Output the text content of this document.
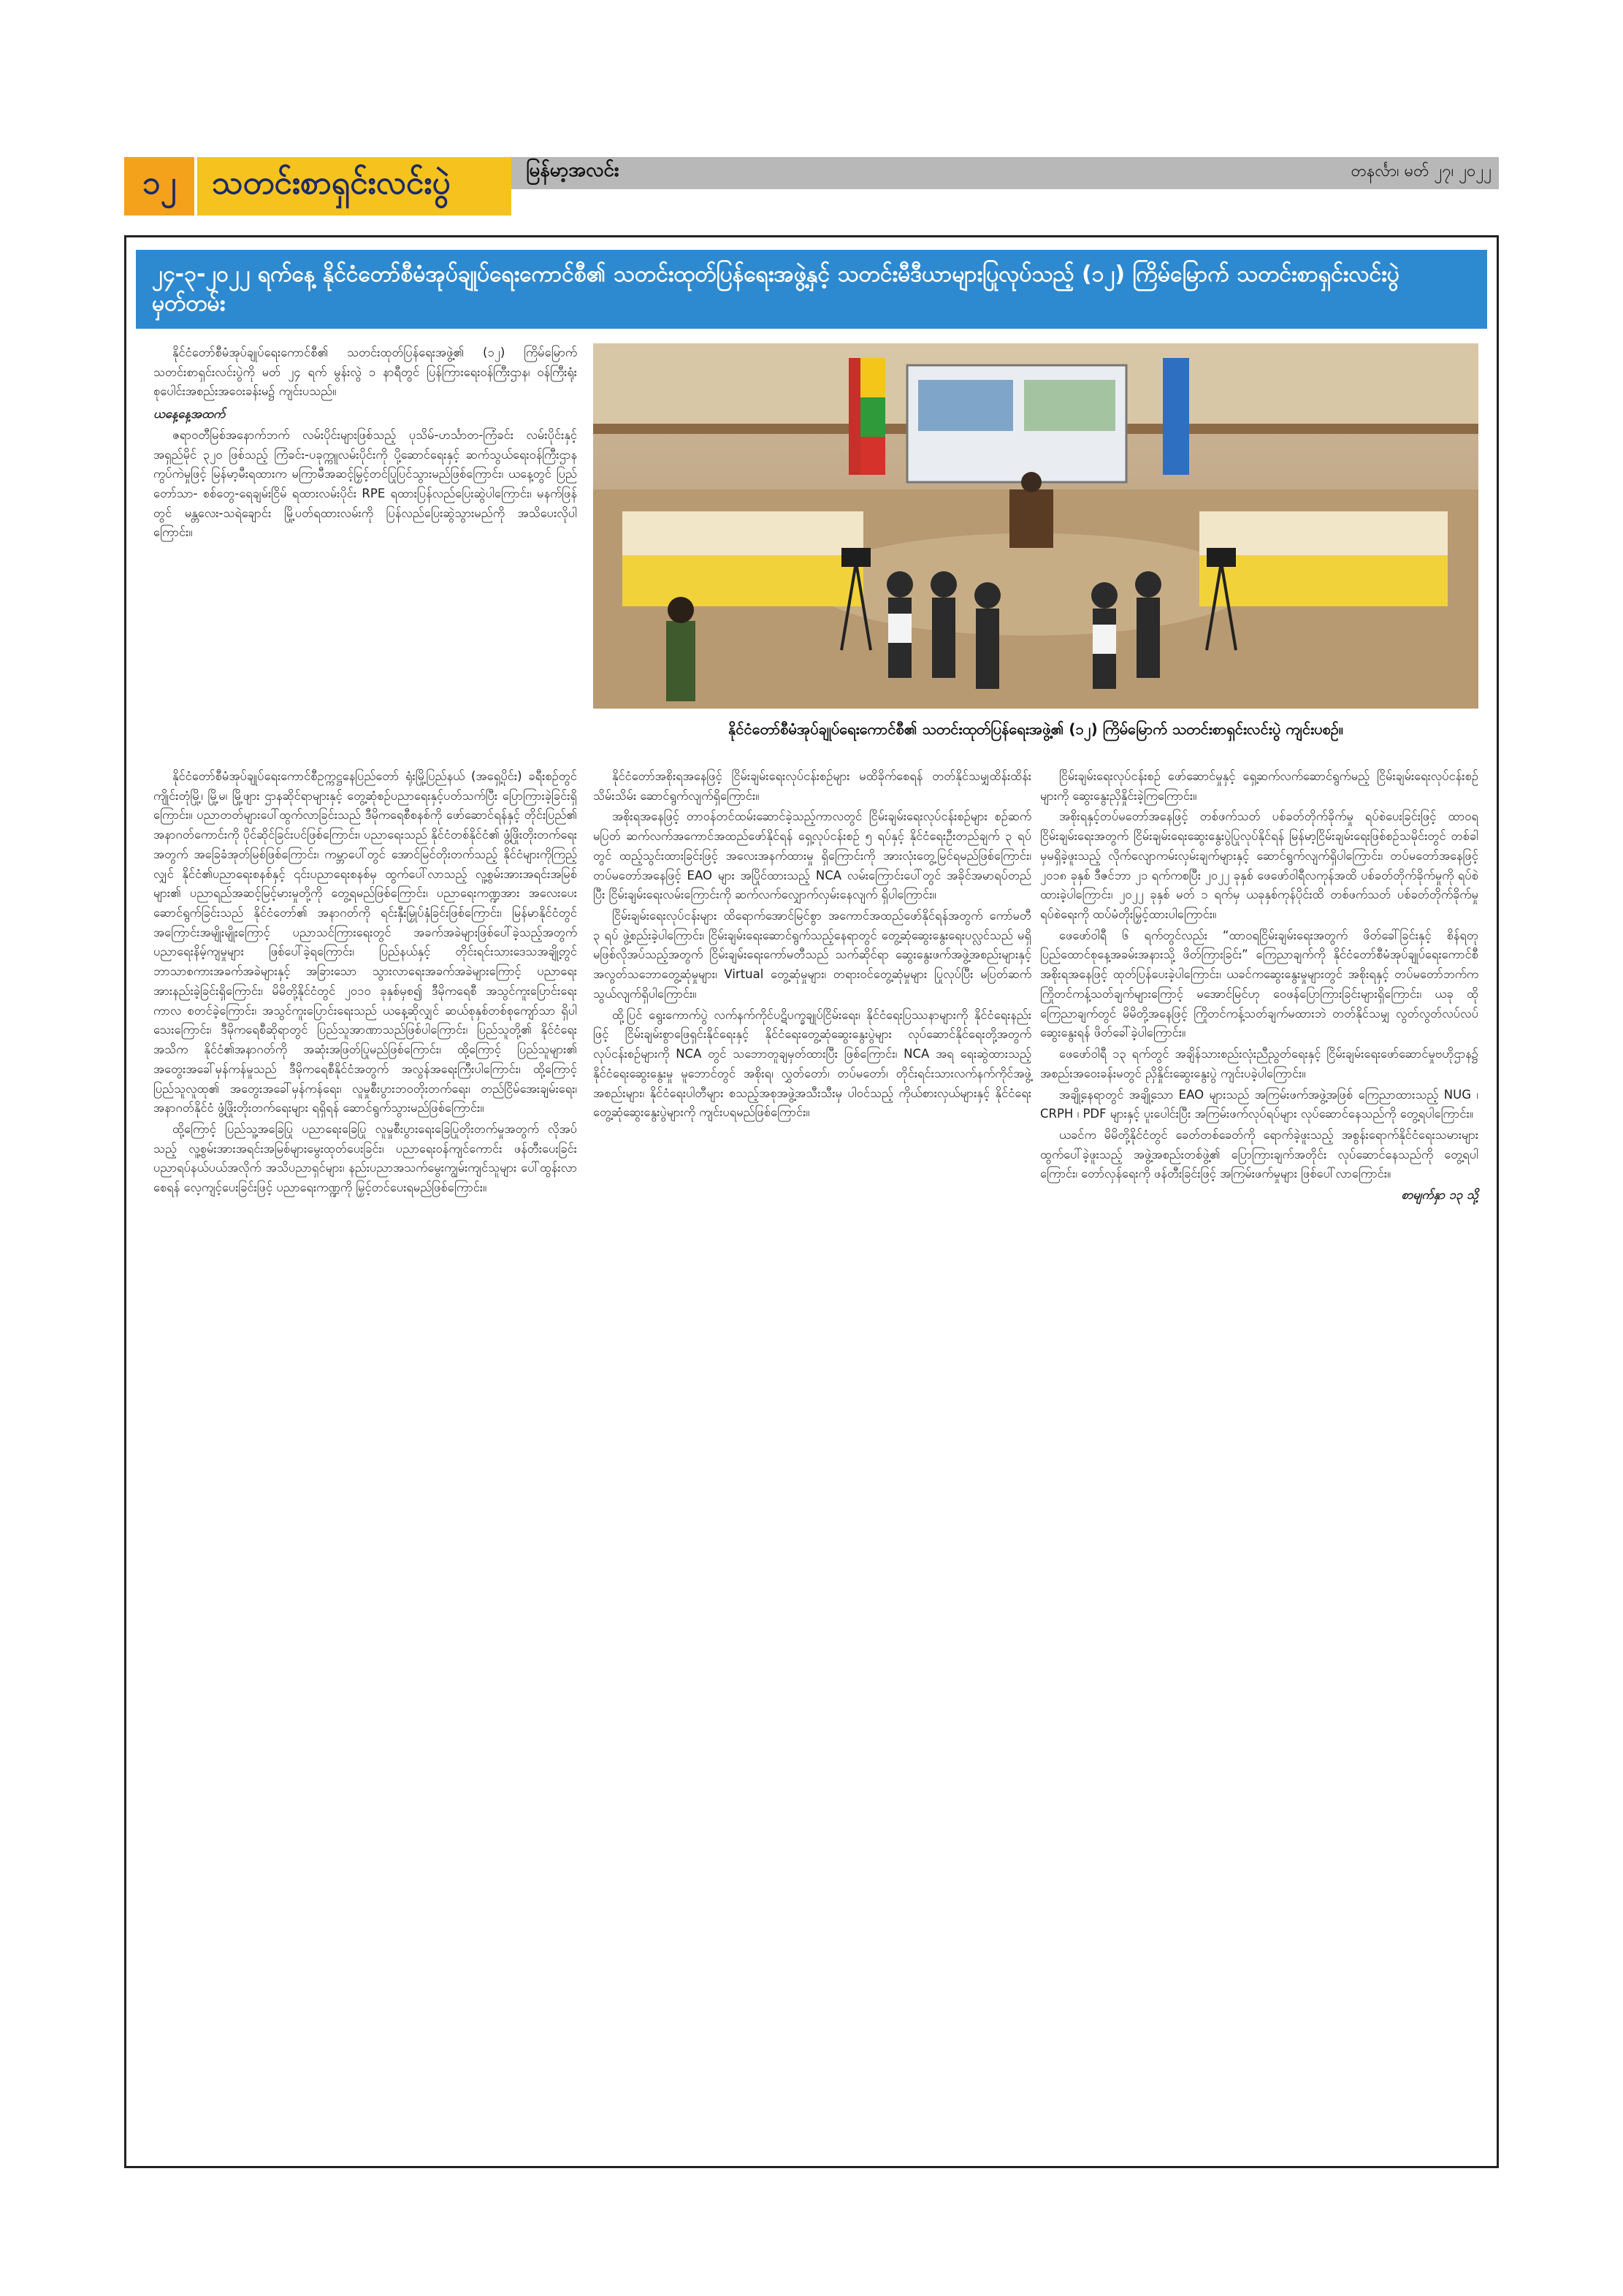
၁၂	သတင်းစာရှင်းလင်းပွဲ	မြန်မာ့အလင်း	တနင်္လာ၊ မတ် ၂၇၊ ၂၀၂၂
၂၄-၃-၂၀၂၂ ရက်နေ့ နိုင်ငံတော်စီမံအုပ်ချုပ်ရေးကောင်စီ၏ သတင်းထုတ်ပြန်ရေးအဖွဲ့နှင့် သတင်းမီဒီယာများပြုလုပ်သည့် (၁၂) ကြိမ်မြောက် သတင်းစာရှင်းလင်းပွဲမှတ်တမ်း

နိုင်ငံတော်စီမံအုပ်ချုပ်ရေးကောင်စီ၏ သတင်းထုတ်ပြန်ရေးအဖွဲ့၏ (၁၂) ကြိမ်မြောက် သတင်းစာရှင်းလင်းပွဲကို မတ် ၂၄ ရက် မွန်းလွဲ ၁ နာရီတွင် ပြန်ကြားရေးဝန်ကြီးဌာန၊ ဝန်ကြီးရုံး စုပေါင်းအစည်းအဝေးခန်းမ၌ ကျင်းပသည်။

ယနေ့နေ့အထက်

ဇရာဝတီမြစ်အနောက်ဘက် လမ်းပိုင်းများဖြစ်သည့် ပုသိမ်-ဟင်္သာတ-ကြံခင်း လမ်းပိုင်းနှင့် အရှည်မိုင် ၃၂၀ ဖြစ်သည့် ကြံခင်း-ပခုက္ကူလမ်းပိုင်းကို ပို့ဆောင်ရေးနှင့် ဆက်သွယ်ရေးဝန်ကြီးဌာန ကွပ်ကဲမှုဖြင့် မြန်မာ့မီးရထားက မကြာမီအဆင့်မြှင့်တင်ပြုပြင်သွားမည်ဖြစ်ကြောင်း၊ ယနေ့တွင် ပြည်တော်သာ- စစ်တွေ-ရေချမ်းငြိမ် ရထားလမ်းပိုင်း RPE ရထားပြန်လည်ပြေးဆွဲပါကြောင်း၊ မနက်ဖြန်တွင် မန္တလေး-သရဲချောင်း မြို့ပတ်ရထားလမ်းကို ပြန်လည်ပြေးဆွဲသွားမည်ကို အသိပေးလိုပါကြောင်း။

နိုင်ငံတော်စီမံအုပ်ချုပ်ရေးကောင်စီ၏ သတင်းထုတ်ပြန်ရေးအဖွဲ့၏ (၁၂) ကြိမ်မြောက် သတင်းစာရှင်းလင်းပွဲ ကျင်းပစဉ်။

နိုင်ငံတော်စီမံအုပ်ချုပ်ရေးကောင်စီဥက္ကဋ္ဌနေပြည်တော် ရုံးမြို့ပြည်နယ် (အရှေ့ပိုင်း) ခရီးစဉ်တွင် ကျိုင်းတုံမြို့၊ မြို့မ၊ မြို့ဖျား ဌာနဆိုင်ရာများနှင့် တွေ့ဆုံစဉ်ပညာရေးနှင့်ပတ်သက်ပြီး ပြောကြားခဲ့ခြင်းရှိကြောင်း။ ပညာတတ်များပေါ်ထွက်လာခြင်းသည် ဒီမိုကရေစီစနစ်ကို ဖော်ဆောင်ရန်နှင့် တိုင်းပြည်၏ အနာဂတ်ကောင်းကို ပိုင်ဆိုင်ခြင်းပင်ဖြစ်ကြောင်း၊ ပညာရေးသည် နိုင်ငံတစ်နိုင်ငံ၏ ဖွံ့ဖြိုးတိုးတက်ရေးအတွက် အခြေခံအုတ်မြစ်ဖြစ်ကြောင်း၊ ကမ္ဘာပေါ်တွင် အောင်မြင်တိုးတက်သည့် နိုင်ငံများကိုကြည့်လျှင် နိုင်ငံ၏ပညာရေးစနစ်နှင့် ၎င်းပညာရေးစနစ်မှ ထွက်ပေါ်လာသည့် လူ့စွမ်းအားအရင်းအမြစ်များ၏ ပညာရည်အဆင့်မြင့်မားမှုတို့ကို တွေ့ရမည်ဖြစ်ကြောင်း၊ ပညာရေးကဏ္ဍအား အလေးပေးဆောင်ရွက်ခြင်းသည် နိုင်ငံတော်၏ အနာဂတ်ကို ရင်းနှီးမြှုပ်နှံခြင်းဖြစ်ကြောင်း၊ မြန်မာနိုင်ငံတွင် အကြောင်းအမျိုးမျိုးကြောင့် ပညာသင်ကြားရေးတွင် အခက်အခဲများဖြစ်ပေါ်ခဲ့သည့်အတွက် ပညာရေးနိမ့်ကျမှုများ ဖြစ်ပေါ်ခဲ့ရကြောင်း၊ ပြည်နယ်နှင့် တိုင်းရင်းသားဒေသအချို့တွင် ဘာသာစကားအခက်အခဲများနှင့် အခြားသော သွားလာရေးအခက်အခဲများကြောင့် ပညာရေးအားနည်းခဲ့ခြင်းရှိကြောင်း၊ မိမိတို့နိုင်ငံတွင် ၂၀၁၀ ခုနှစ်မှစ၍ ဒီမိုကရေစီ အသွင်ကူးပြောင်းရေးကာလ စတင်ခဲ့ကြောင်း၊ အသွင်ကူးပြောင်းရေးသည် ယနေ့ဆိုလျှင် ဆယ်စုနှစ်တစ်စုကျော်သာ ရှိပါသေးကြောင်း၊ ဒီမိုကရေစီဆိုရာတွင် ပြည်သူအာဏာသည်ဖြစ်ပါကြောင်း၊ ပြည်သူတို့၏ နိုင်ငံရေးအသိက နိုင်ငံ၏အနာဂတ်ကို အဆုံးအဖြတ်ပြုမည်ဖြစ်ကြောင်း၊ ထို့ကြောင့် ပြည်သူများ၏ အတွေးအခေါ်မှန်ကန်မှုသည် ဒီမိုကရေစီနိုင်ငံအတွက် အလွန်အရေးကြီးပါကြောင်း၊ ထို့ကြောင့် ပြည်သူလူထု၏ အတွေးအခေါ်မှန်ကန်ရေး၊ လူမှုစီးပွားဘဝတိုးတက်ရေး၊ တည်ငြိမ်အေးချမ်းရေး၊ အနာဂတ်နိုင်ငံ ဖွံ့ဖြိုးတိုးတက်ရေးများ ရရှိရန် ဆောင်ရွက်သွားမည်ဖြစ်ကြောင်း။

ထို့ကြောင့် ပြည်သူ့အခြေပြု ပညာရေးခြေပြု လူမှုစီးပွားရေးခြေပြုတိုးတက်မှုအတွက် လိုအပ်သည့် လူ့စွမ်းအားအရင်းအမြစ်များမွေးထုတ်ပေးခြင်း၊ ပညာရေးဝန်ကျင်ကောင်း ဖန်တီးပေးခြင်း ပညာရပ်နယ်ပယ်အလိုက် အသိပညာရှင်များ၊ နည်းပညာအသက်မွေးကျွမ်းကျင်သူများ ပေါ်ထွန်းလာစေရန် လေ့ကျင့်ပေးခြင်းဖြင့် ပညာရေးကဏ္ဍကို မြှင့်တင်ပေးရမည်ဖြစ်ကြောင်း။

နိုင်ငံတော်အစိုးရအနေဖြင့် ငြိမ်းချမ်းရေးလုပ်ငန်းစဉ်များ မထိခိုက်စေရန် တတ်နိုင်သမျှထိန်းထိန်းသိမ်းသိမ်း ဆောင်ရွက်လျက်ရှိကြောင်း။

အစိုးရအနေဖြင့် တာဝန်တင်ထမ်းဆောင်ခဲ့သည့်ကာလတွင် ငြိမ်းချမ်းရေးလုပ်ငန်းစဉ်များ စဉ်ဆက်မပြတ် ဆက်လက်အကောင်အထည်ဖော်နိုင်ရန် ရှေ့လုပ်ငန်းစဉ် ၅ ရပ်နှင့် နိုင်ငံရေးဦးတည်ချက် ၃ ရပ်တွင် ထည့်သွင်းထားခြင်းဖြင့် အလေးအနက်ထားမှု ရှိကြောင်းကို အားလုံးတွေ့မြင်ရမည်ဖြစ်ကြောင်း၊ တပ်မတော်အနေဖြင့် EAO များ အပြိုင်ထားသည့် NCA လမ်းကြောင်းပေါ်တွင် အခိုင်အမာရပ်တည်ပြီး ငြိမ်းချမ်းရေးလမ်းကြောင်းကို ဆက်လက်လျှောက်လှမ်းနေလျက် ရှိပါကြောင်း။

ငြိမ်းချမ်းရေးလုပ်ငန်းများ ထိရောက်အောင်မြင်စွာ အကောင်အထည်ဖော်နိုင်ရန်အတွက် ကော်မတီ ၃ ရပ် ဖွဲ့စည်းခဲ့ပါကြောင်း၊ ငြိမ်းချမ်းရေးဆောင်ရွက်သည့်နေရာတွင် တွေ့ဆုံဆွေးနွေးရေးပလ္လင်သည် မရှိမဖြစ်လိုအပ်သည့်အတွက် ငြိမ်းချမ်းရေးကော်မတီသည် သက်ဆိုင်ရာ ဆွေးနွေးဖက်အဖွဲ့အစည်းများနှင့် အလွတ်သဘောတွေ့ဆုံမှုများ၊ Virtual တွေ့ဆုံမှုများ၊ တရားဝင်တွေ့ဆုံမှုများ ပြုလုပ်ပြီး မပြတ်ဆက်သွယ်လျက်ရှိပါကြောင်း။

ထို့ပြင် ရွေးကောက်ပွဲ လက်နက်ကိုင်ပဋိပက္ခချုပ်ငြိမ်းရေး၊ နိုင်ငံရေးပြဿနာများကို နိုင်ငံရေးနည်းဖြင့် ငြိမ်းချမ်းစွာဖြေရှင်းနိုင်ရေးနှင့် နိုင်ငံရေးတွေ့ဆုံဆွေးနွေးပွဲများ လုပ်ဆောင်နိုင်ရေးတို့အတွက် လုပ်ငန်းစဉ်များကို NCA တွင် သဘောတူချမှတ်ထားပြီး ဖြစ်ကြောင်း၊ NCA အရ ရေးဆွဲထားသည့် နိုင်ငံရေးဆွေးနွေးမှု မူဘောင်တွင် အစိုးရ၊ လွှတ်တော်၊ တပ်မတော်၊ တိုင်းရင်းသားလက်နက်ကိုင်အဖွဲ့အစည်းများ၊ နိုင်ငံရေးပါတီများ စသည့်အစုအဖွဲ့အသီးသီးမှ ပါဝင်သည့် ကိုယ်စားလှယ်များနှင့် နိုင်ငံရေးတွေ့ဆုံဆွေးနွေးပွဲများကို ကျင်းပရမည်ဖြစ်ကြောင်း။

ငြိမ်းချမ်းရေးလုပ်ငန်းစဉ် ဖော်ဆောင်မှုနှင့် ရှေ့ဆက်လက်ဆောင်ရွက်မည့် ငြိမ်းချမ်းရေးလုပ်ငန်းစဉ်များကို ဆွေးနွေးညှိနှိုင်းခဲ့ကြကြောင်း။

အစိုးရနှင့်တပ်မတော်အနေဖြင့် တစ်ဖက်သတ် ပစ်ခတ်တိုက်ခိုက်မှု ရပ်စဲပေးခြင်းဖြင့် ထာဝရငြိမ်းချမ်းရေးအတွက် ငြိမ်းချမ်းရေးဆွေးနွေးပွဲပြုလုပ်နိုင်ရန် မြန်မာ့ငြိမ်းချမ်းရေးဖြစ်စဉ်သမိုင်းတွင် တစ်ခါမှမရှိခဲ့ဖူးသည့် လိုက်လျောကမ်းလှမ်းချက်များနှင့် ဆောင်ရွက်လျက်ရှိပါကြောင်း၊ တပ်မတော်အနေဖြင့် ၂၀၁၈ ခုနှစ် ဒီဇင်ဘာ ၂၁ ရက်ကစပြီး ၂၀၂၂ ခုနှစ် ဖေဖော်ဝါရီလကုန်အထိ ပစ်ခတ်တိုက်ခိုက်မှုကို ရပ်စဲထားခဲ့ပါကြောင်း၊ ၂၀၂၂ ခုနှစ် မတ် ၁ ရက်မှ ယခုနှစ်ကုန်ပိုင်းထိ တစ်ဖက်သတ် ပစ်ခတ်တိုက်ခိုက်မှု ရပ်စဲရေးကို ထပ်မံတိုးမြှင့်ထားပါကြောင်း။

ဖေဖော်ဝါရီ ၆ ရက်တွင်လည်း “ထာဝရငြိမ်းချမ်းရေးအတွက် ဖိတ်ခေါ်ခြင်းနှင့် စိန်ရတုပြည်ထောင်စုနေ့အခမ်းအနားသို့ ဖိတ်ကြားခြင်း” ကြေညာချက်ကို နိုင်ငံတော်စီမံအုပ်ချုပ်ရေးကောင်စီအစိုးရအနေဖြင့် ထုတ်ပြန်ပေးခဲ့ပါကြောင်း၊ ယခင်ကဆွေးနွေးမှုများတွင် အစိုးရနှင့် တပ်မတော်ဘက်က ကြိုတင်ကန့်သတ်ချက်များကြောင့် မအောင်မြင်ဟု ဝေဖန်ပြောကြားခြင်းများရှိကြောင်း၊ ယခု ထိုကြေညာချက်တွင် မိမိတို့အနေဖြင့် ကြိုတင်ကန့်သတ်ချက်မထားဘဲ တတ်နိုင်သမျှ လွတ်လွတ်လပ်လပ်ဆွေးနွေးရန် ဖိတ်ခေါ်ခဲ့ပါကြောင်း။

ဖေဖော်ဝါရီ ၁၃ ရက်တွင် အချိန်သားစည်းလုံးညီညွတ်ရေးနှင့် ငြိမ်းချမ်းရေးဖော်ဆောင်မှုဗဟိုဌာန၌ အစည်းအဝေးခန်းမတွင် ညှိနှိုင်းဆွေးနွေးပွဲ ကျင်းပခဲ့ပါကြောင်း။

အချို့နေရာတွင် အချို့သော EAO များသည် အကြမ်းဖက်အဖွဲ့အဖြစ် ကြေညာထားသည့် NUG ၊ CRPH ၊ PDF များနှင့် ပူးပေါင်းပြီး အကြမ်းဖက်လုပ်ရပ်များ လုပ်ဆောင်နေသည်ကို တွေ့ရပါကြောင်း။

ယခင်က မိမိတို့နိုင်ငံတွင် ခေတ်တစ်ခေတ်ကို ရောက်ခဲ့ဖူးသည့် အစွန်းရောက်နိုင်ငံရေးသမားများ ထွက်ပေါ်ခဲ့ဖူးသည့် အဖွဲ့အစည်းတစ်ဖွဲ့၏ ပြောကြားချက်အတိုင်း လုပ်ဆောင်နေသည်ကို တွေ့ရပါကြောင်း၊ တော်လှန်ရေးကို ဖန်တီးခြင်းဖြင့် အကြမ်းဖက်မှုများ ဖြစ်ပေါ်လာကြောင်း။

စာမျက်နှာ ၁၃ သို့
